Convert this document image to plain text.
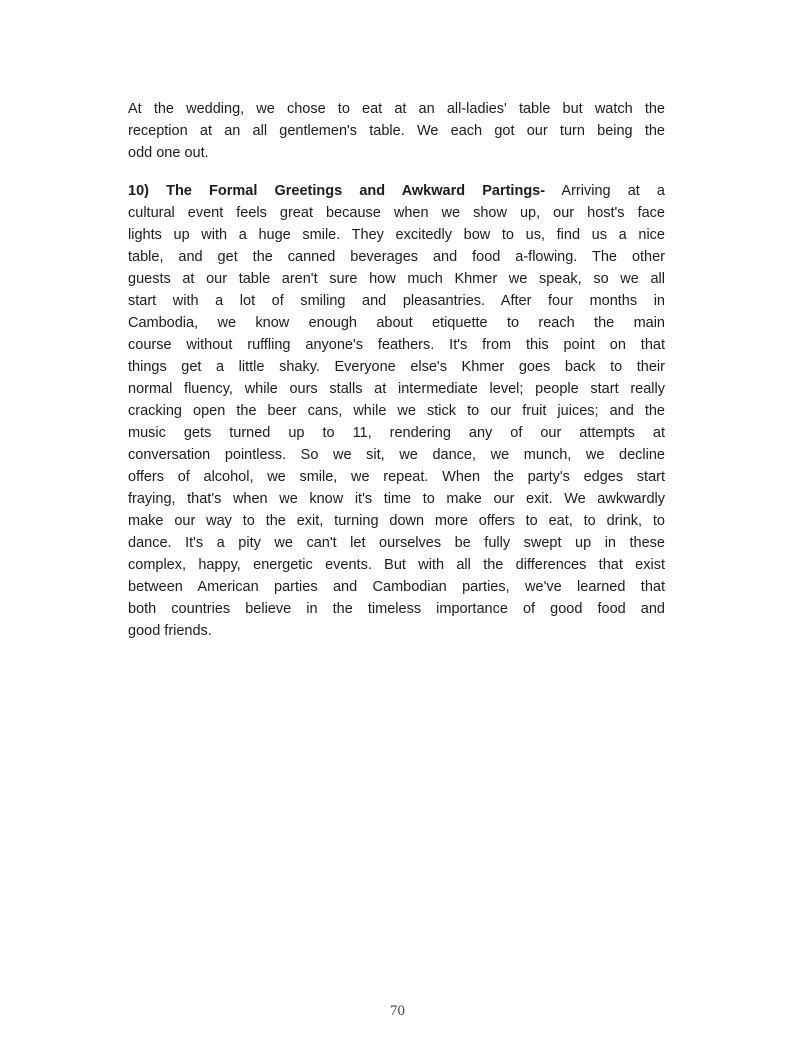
At the wedding, we chose to eat at an all-ladies' table but watch the
reception at an all gentlemen's table. We each got our turn being the
odd one out.
10) The Formal Greetings and Awkward Partings- Arriving at a
cultural event feels great because when we show up, our host's face
lights up with a huge smile. They excitedly bow to us, find us a nice
table, and get the canned beverages and food a-flowing. The other
guests at our table aren't sure how much Khmer we speak, so we all
start with a lot of smiling and pleasantries. After four months in
Cambodia, we know enough about etiquette to reach the main
course without ruffling anyone's feathers. It's from this point on that
things get a little shaky. Everyone else's Khmer goes back to their
normal fluency, while ours stalls at intermediate level; people start really
cracking open the beer cans, while we stick to our fruit juices; and the
music gets turned up to 11, rendering any of our attempts at
conversation pointless. So we sit, we dance, we munch, we decline
offers of alcohol, we smile, we repeat. When the party's edges start
fraying, that's when we know it's time to make our exit. We awkwardly
make our way to the exit, turning down more offers to eat, to drink, to
dance. It's a pity we can't let ourselves be fully swept up in these
complex, happy, energetic events. But with all the differences that exist
between American parties and Cambodian parties, we've learned that
both countries believe in the timeless importance of good food and
good friends.
70
